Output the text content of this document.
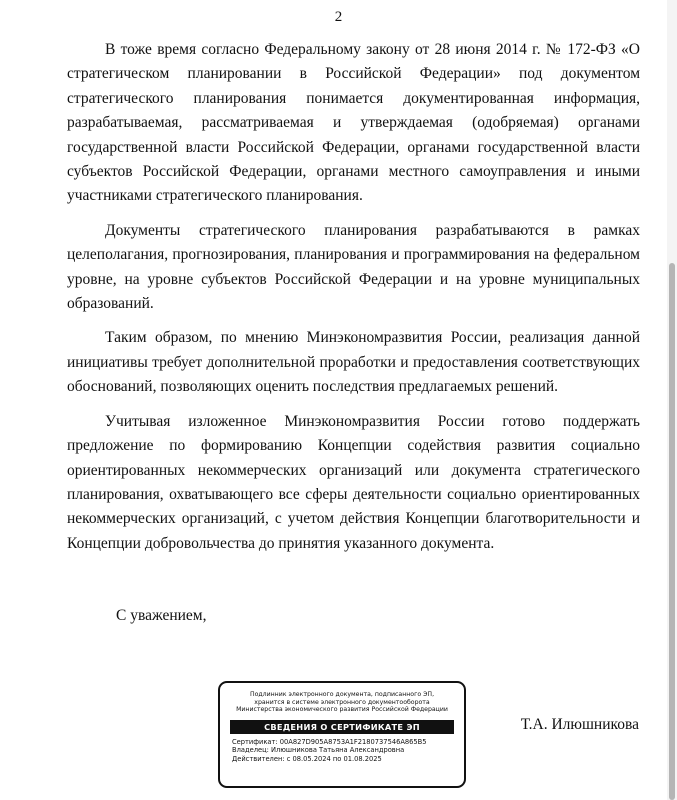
2

В тоже время согласно Федеральному закону от 28 июня 2014 г. № 172-ФЗ «О стратегическом планировании в Российской Федерации» под документом стратегического планирования понимается документированная информация, разрабатываемая, рассматриваемая и утверждаемая (одобряемая) органами государственной власти Российской Федерации, органами государственной власти субъектов Российской Федерации, органами местного самоуправления и иными участниками стратегического планирования.

Документы стратегического планирования разрабатываются в рамках целеполагания, прогнозирования, планирования и программирования на федеральном уровне, на уровне субъектов Российской Федерации и на уровне муниципальных образований.

Таким образом, по мнению Минэкономразвития России, реализация данной инициативы требует дополнительной проработки и предоставления соответствующих обоснований, позволяющих оценить последствия предлагаемых решений.

Учитывая изложенное Минэкономразвития России готово поддержать предложение по формированию Концепции содействия развития социально ориентированных некоммерческих организаций или документа стратегического планирования, охватывающего все сферы деятельности социально ориентированных некоммерческих организаций, с учетом действия Концепции благотворительности и Концепции добровольчества до принятия указанного документа.

С уважением,
Подлинник электронного документа, подписанного ЭП,
хранится в системе электронного документооборота
Министерства экономического развития Российской Федерации
СВЕДЕНИЯ О СЕРТИФИКАТЕ ЭП
Сертификат: 00A827D905A8753A1F2180737546A865B5
Владелец: Илюшникова Татьяна Александровна
Действителен: с 08.05.2024 по 01.08.2025
Т.А. Илюшникова
